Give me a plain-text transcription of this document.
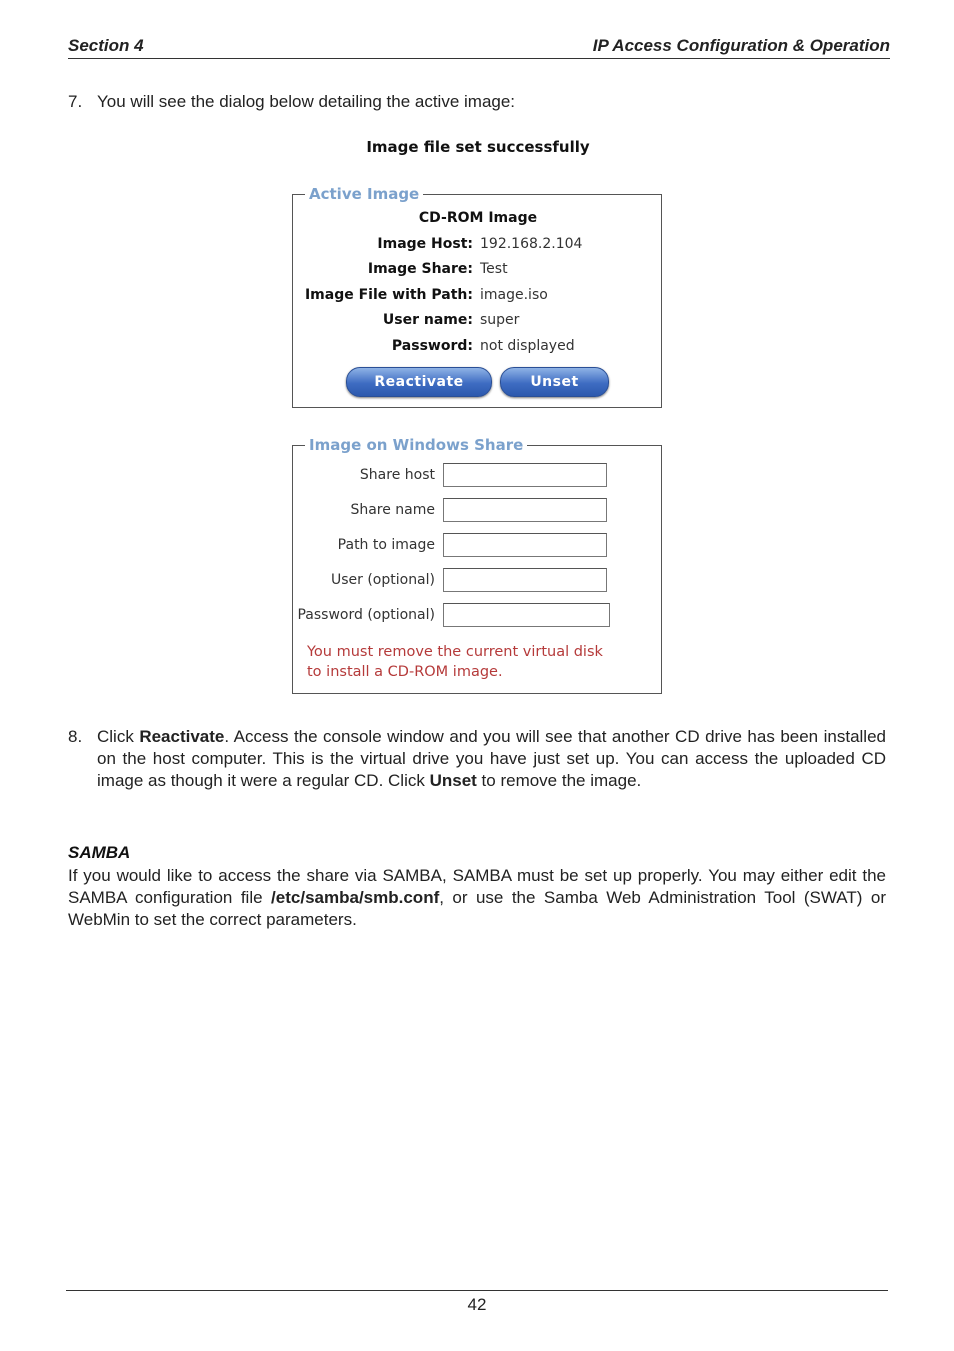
Section 4	IP Access Configuration & Operation
7. You will see the dialog below detailing the active image:
Image file set successfully
Active Image
CD-ROM Image
Image Host: 192.168.2.104
Image Share: Test
Image File with Path: image.iso
User name: super
Password: not displayed
Reactivate	Unset
Image on Windows Share
Share host
Share name
Path to image
User (optional)
Password (optional)
You must remove the current virtual disk
to install a CD-ROM image.
8. Click Reactivate. Access the console window and you will see that another CD drive has been installed on the host computer. This is the virtual drive you have just set up. You can access the uploaded CD image as though it were a regular CD. Click Unset to remove the image.
SAMBA
If you would like to access the share via SAMBA, SAMBA must be set up properly. You may either edit the SAMBA configuration file /etc/samba/smb.conf, or use the Samba Web Administration Tool (SWAT) or WebMin to set the correct parameters.
42
